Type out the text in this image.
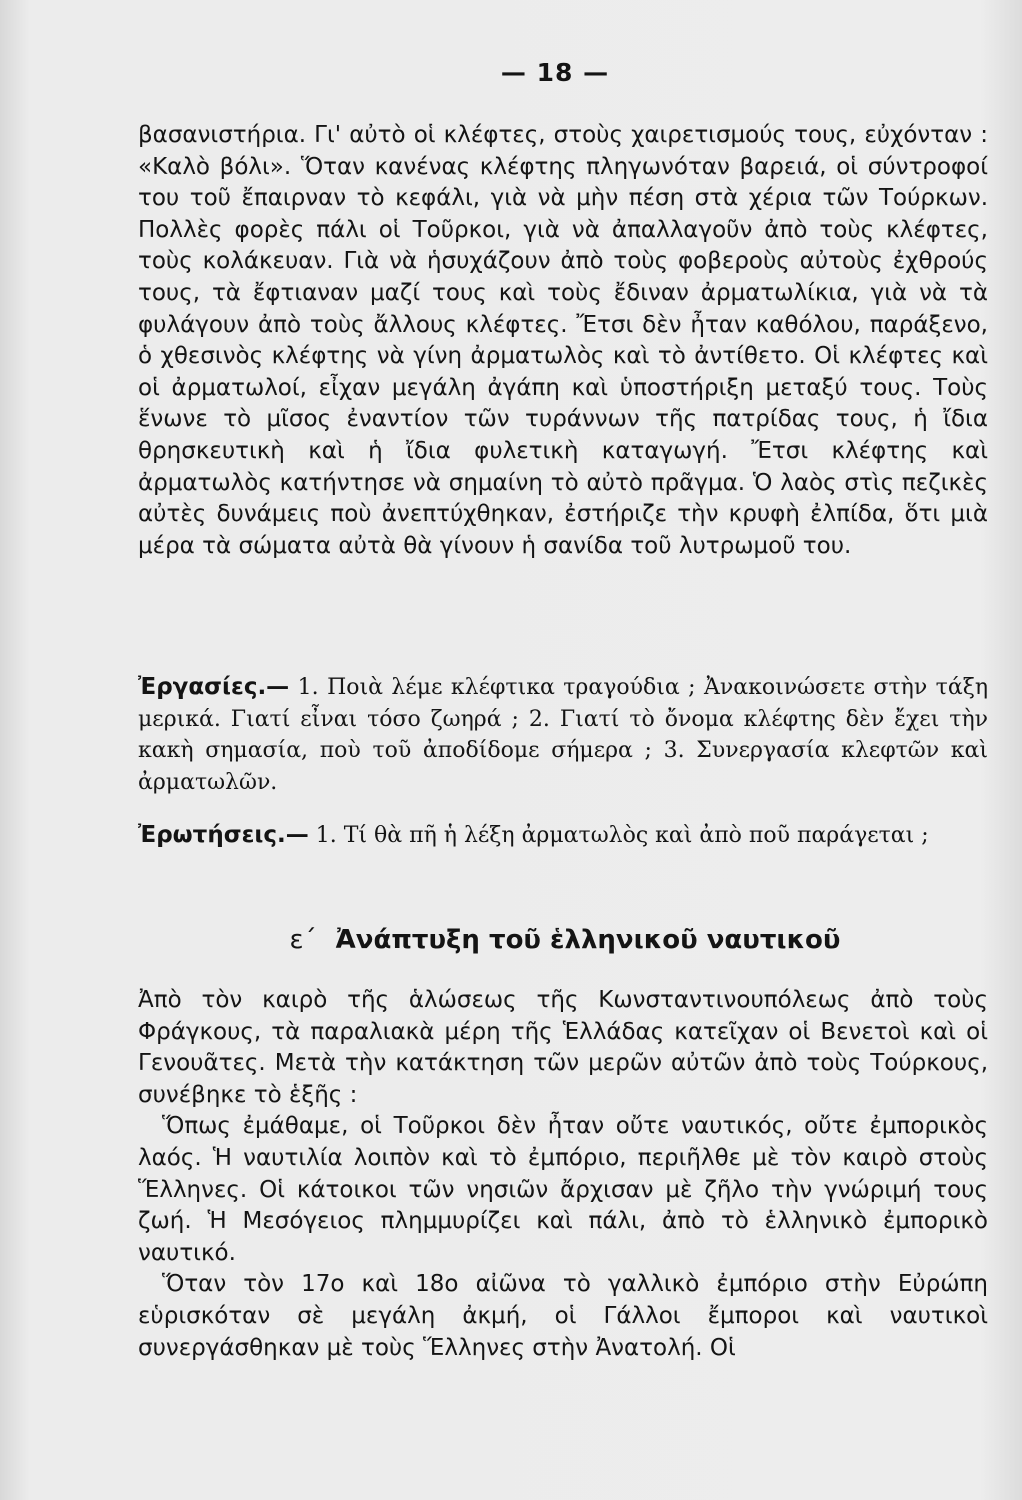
— 18 —

βασανιστήρια. Γι' αὐτὸ οἱ κλέφτες, στοὺς χαιρετισμούς τους, εὐχόνταν : «Καλὸ βόλι». Ὅταν κανένας κλέφτης πληγωνόταν βαρειά, οἱ σύντροφοί του τοῦ ἔπαιρναν τὸ κεφάλι, γιὰ νὰ μὴν πέση στὰ χέρια τῶν Τούρκων. Πολλὲς φορὲς πάλι οἱ Τοῦρκοι, γιὰ νὰ ἀπαλλαγοῦν ἀπὸ τοὺς κλέφτες, τοὺς κολάκευαν. Γιὰ νὰ ἡσυχάζουν ἀπὸ τοὺς φοβεροὺς αὐτοὺς ἐχθρούς τους, τὰ ἔφτιαναν μαζί τους καὶ τοὺς ἔδιναν ἀρματωλίκια, γιὰ νὰ τὰ φυλάγουν ἀπὸ τοὺς ἄλλους κλέφτες. Ἔτσι δὲν ἦταν καθόλου, παράξενο, ὁ χθεσινὸς κλέφτης νὰ γίνη ἀρματωλὸς καὶ τὸ ἀντίθετο. Οἱ κλέφτες καὶ οἱ ἀρματωλοί, εἶχαν μεγάλη ἀγάπη καὶ ὑποστήριξη μεταξύ τους. Τοὺς ἕνωνε τὸ μῖσος ἐναντίον τῶν τυράννων τῆς πατρίδας τους, ἡ ἴδια θρησκευτικὴ καὶ ἡ ἴδια φυλετικὴ καταγωγή. Ἔτσι κλέφτης καὶ ἀρματωλὸς κατήντησε νὰ σημαίνη τὸ αὐτὸ πρᾶγμα. Ὁ λαὸς στὶς πεζικὲς αὐτὲς δυνάμεις ποὺ ἀνεπτύχθηκαν, ἐστήριζε τὴν κρυφὴ ἐλπίδα, ὅτι μιὰ μέρα τὰ σώματα αὐτὰ θὰ γίνουν ἡ σανίδα τοῦ λυτρωμοῦ του.

Ἐργασίες.— 1. Ποιὰ λέμε κλέφτικα τραγούδια ; Ἀνακοινώσετε στὴν τάξη μερικά. Γιατί εἶναι τόσο ζωηρά ; 2. Γιατί τὸ ὄνομα κλέφτης δὲν ἔχει τὴν κακὴ σημασία, ποὺ τοῦ ἀποδίδομε σήμερα ; 3. Συνεργασία κλεφτῶν καὶ ἀρματωλῶν.
Ἐρωτήσεις.— 1. Τί θὰ πῆ ἡ λέξη ἀρματωλὸς καὶ ἀπὸ ποῦ παράγεται ;
ε΄ Ἀνάπτυξη τοῦ ἑλληνικοῦ ναυτικοῦ

Ἀπὸ τὸν καιρὸ τῆς ἁλώσεως τῆς Κωνσταντινουπόλεως ἀπὸ τοὺς Φράγκους, τὰ παραλιακὰ μέρη τῆς Ἑλλάδας κατεῖχαν οἱ Βενετοὶ καὶ οἱ Γενουᾶτες. Μετὰ τὴν κατάκτηση τῶν μερῶν αὐτῶν ἀπὸ τοὺς Τούρκους, συνέβηκε τὸ ἑξῆς :

Ὅπως ἐμάθαμε, οἱ Τοῦρκοι δὲν ἦταν οὔτε ναυτικός, οὔτε ἐμπορικὸς λαός. Ἡ ναυτιλία λοιπὸν καὶ τὸ ἐμπόριο, περιῆλθε μὲ τὸν καιρὸ στοὺς Ἕλληνες. Οἱ κάτοικοι τῶν νησιῶν ἄρχισαν μὲ ζῆλο τὴν γνώριμή τους ζωή. Ἡ Μεσόγειος πλημμυρίζει καὶ πάλι, ἀπὸ τὸ ἑλληνικὸ ἐμπορικὸ ναυτικό.

Ὅταν τὸν 17ο καὶ 18ο αἰῶνα τὸ γαλλικὸ ἐμπόριο στὴν Εὐρώπη εὑρισκόταν σὲ μεγάλη ἀκμή, οἱ Γάλλοι ἔμποροι καὶ ναυτικοὶ συνεργάσθηκαν μὲ τοὺς Ἕλληνες στὴν Ἀνατολή. Οἱ
